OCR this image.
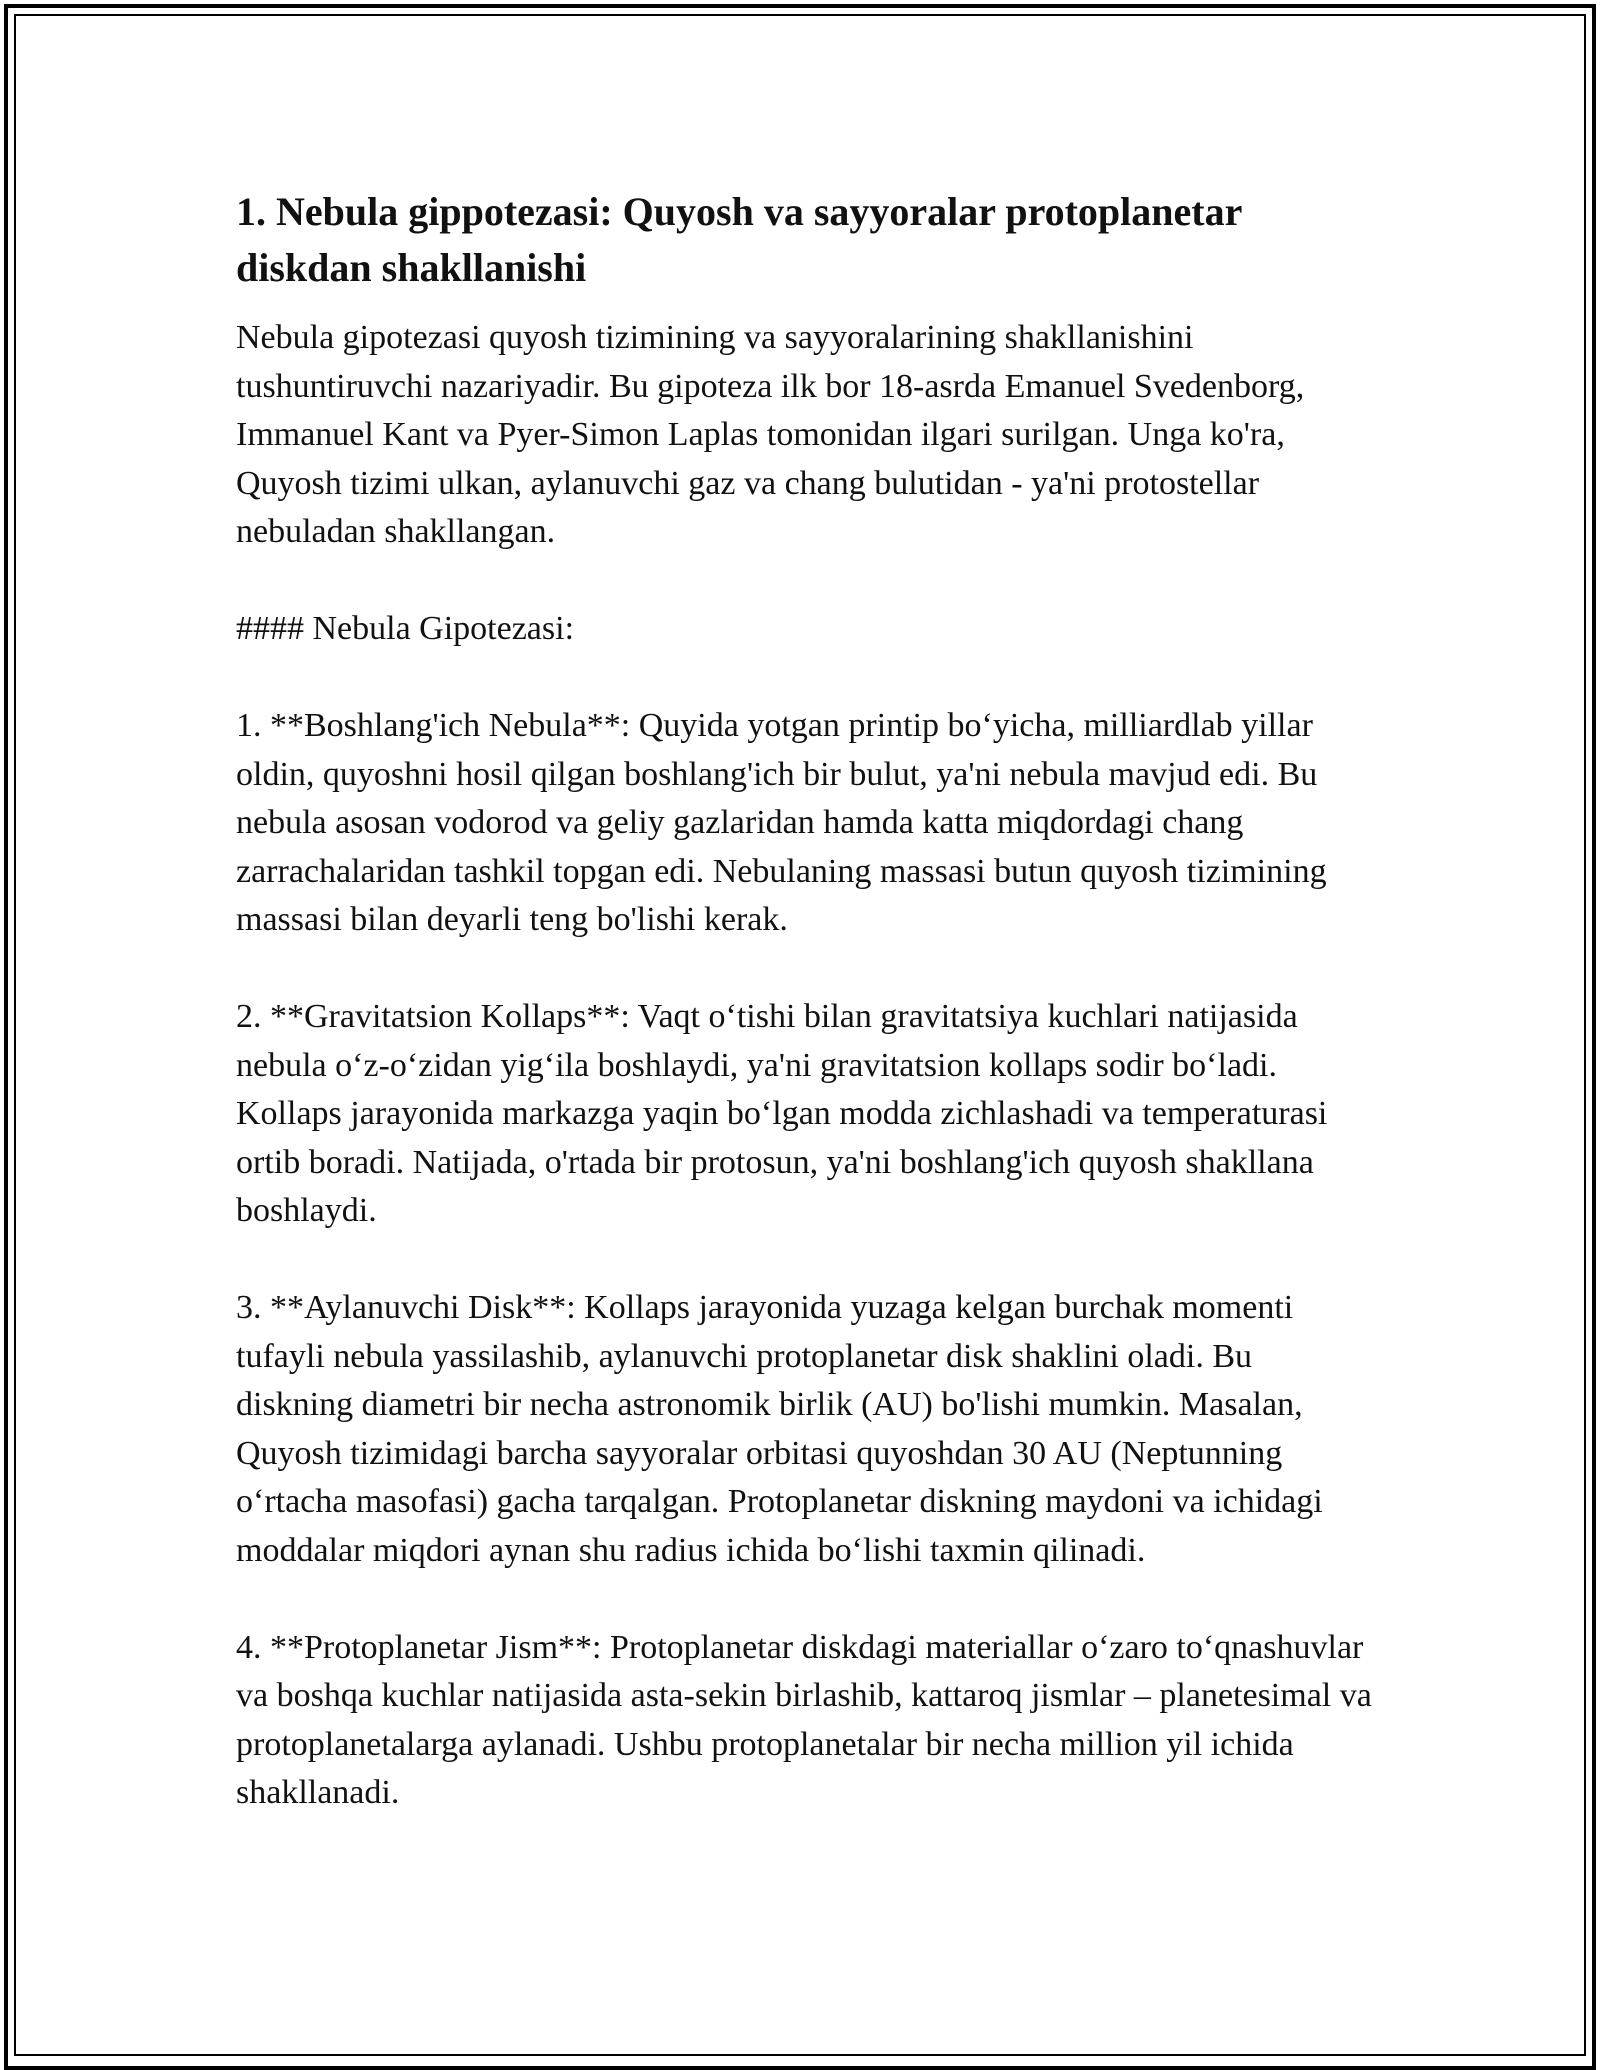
1. Nebula gippotezasi: Quyosh va sayyoralar protoplanetar diskdan shakllanishi

Nebula gipotezasi quyosh tizimining va sayyoralarining shakllanishini tushuntiruvchi nazariyadir. Bu gipoteza ilk bor 18-asrda Emanuel Svedenborg, Immanuel Kant va Pyer-Simon Laplas tomonidan ilgari surilgan. Unga ko'ra, Quyosh tizimi ulkan, aylanuvchi gaz va chang bulutidan - ya'ni protostellar nebuladan shakllangan.

#### Nebula Gipotezasi:

1. **Boshlang'ich Nebula**: Quyida yotgan printip bo‘yicha, milliardlab yillar oldin, quyoshni hosil qilgan boshlang'ich bir bulut, ya'ni nebula mavjud edi. Bu nebula asosan vodorod va geliy gazlaridan hamda katta miqdordagi chang zarrachalaridan tashkil topgan edi. Nebulaning massasi butun quyosh tizimining massasi bilan deyarli teng bo'lishi kerak.

2. **Gravitatsion Kollaps**: Vaqt o‘tishi bilan gravitatsiya kuchlari natijasida nebula o‘z-o‘zidan yig‘ila boshlaydi, ya'ni gravitatsion kollaps sodir bo‘ladi. Kollaps jarayonida markazga yaqin bo‘lgan modda zichlashadi va temperaturasi ortib boradi. Natijada, o'rtada bir protosun, ya'ni boshlang'ich quyosh shakllana boshlaydi.

3. **Aylanuvchi Disk**: Kollaps jarayonida yuzaga kelgan burchak momenti tufayli nebula yassilashib, aylanuvchi protoplanetar disk shaklini oladi. Bu diskning diametri bir necha astronomik birlik (AU) bo'lishi mumkin. Masalan, Quyosh tizimidagi barcha sayyoralar orbitasi quyoshdan 30 AU (Neptunning o‘rtacha masofasi) gacha tarqalgan. Protoplanetar diskning maydoni va ichidagi moddalar miqdori aynan shu radius ichida bo‘lishi taxmin qilinadi.

4. **Protoplanetar Jism**: Protoplanetar diskdagi materiallar o‘zaro to‘qnashuvlar va boshqa kuchlar natijasida asta-sekin birlashib, kattaroq jismlar – planetesimal va protoplanetalarga aylanadi. Ushbu protoplanetalar bir necha million yil ichida shakllanadi.
